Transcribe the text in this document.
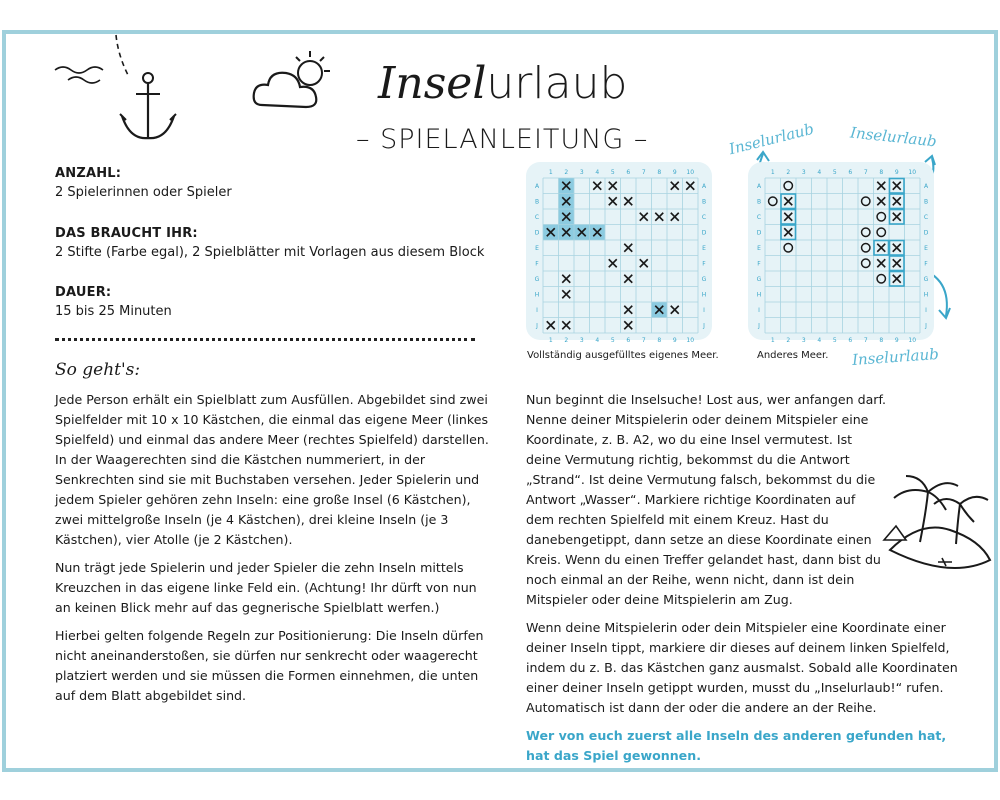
Inselurlaub
– SPIELANLEITUNG –
ANZAHL:
2 Spielerinnen oder Spieler
DAS BRAUCHT IHR:
2 Stifte (Farbe egal), 2 Spielblätter mit Vorlagen aus diesem Block
DAUER:
15 bis 25 Minuten
So geht's:

Jede Person erhält ein Spielblatt zum Ausfüllen. Abgebildet sind zwei Spielfelder mit 10 x 10 Kästchen, die einmal das eigene Meer (linkes Spielfeld) und einmal das andere Meer (rechtes Spielfeld) darstellen. In der Waagerechten sind die Kästchen nummeriert, in der Senkrechten sind sie mit Buchstaben versehen. Jeder Spielerin und jedem Spieler gehören zehn Inseln: eine große Insel (6 Kästchen), zwei mittelgroße Inseln (je 4 Kästchen), drei kleine Inseln (je 3 Kästchen), vier Atolle (je 2 Kästchen).

Nun trägt jede Spielerin und jeder Spieler die zehn Inseln mittels Kreuzchen in das eigene linke Feld ein. (Achtung! Ihr dürft von nun an keinen Blick mehr auf das gegnerische Spielblatt werfen.)

Hierbei gelten folgende Regeln zur Positionierung: Die Inseln dürfen nicht aneinanderstoßen, sie dürfen nur senkrecht oder waagerecht platziert werden und sie müssen die Formen einnehmen, die unten auf dem Blatt abgebildet sind.

Nun beginnt die Inselsuche! Lost aus, wer anfangen darf. Nenne deiner Mitspielerin oder deinem Mitspieler eine Koordinate, z. B. A2, wo du eine Insel vermutest. Ist deine Vermutung richtig, bekommst du die Antwort „Strand“. Ist deine Vermutung falsch, bekommst du die Antwort „Wasser“. Markiere richtige Koordinaten auf dem rechten Spielfeld mit einem Kreuz. Hast du danebengetippt, dann setze an diese Koordinate einen Kreis. Wenn du einen Treffer gelandet hast, dann bist du noch einmal an der Reihe, wenn nicht, dann ist dein Mitspieler oder deine Mitspielerin am Zug.

Wenn deine Mitspielerin oder dein Mitspieler eine Koordinate einer deiner Inseln tippt, markiere dir dieses auf deinem linken Spielfeld, indem du z. B. das Kästchen ganz ausmalst. Sobald alle Koordinaten einer deiner Inseln getippt wurden, musst du „Inselurlaub!“ rufen. Automatisch ist dann der oder die andere an der Reihe.

Wer von euch zuerst alle Inseln des anderen gefunden hat,
hat das Spiel gewonnen.

Inselurlaub Inselurlaub
Inselurlaub
1
1
2
2
3
3
4
4
5
5
6
6
7
7
8
8
9
9
10
10
A	A
B	B
C	C
D	D
E	E
F	F
G	G
H	H
I	I
J	J
1
1
2
2
3
3
4
4
5
5
6
6
7
7
8
8
9
9
10
10
A	A
B	B
C	C
D	D
E	E
F	F
G	G
H	H
I	I
J	J
Vollständig ausgefülltes eigenes Meer.	Anderes Meer.
